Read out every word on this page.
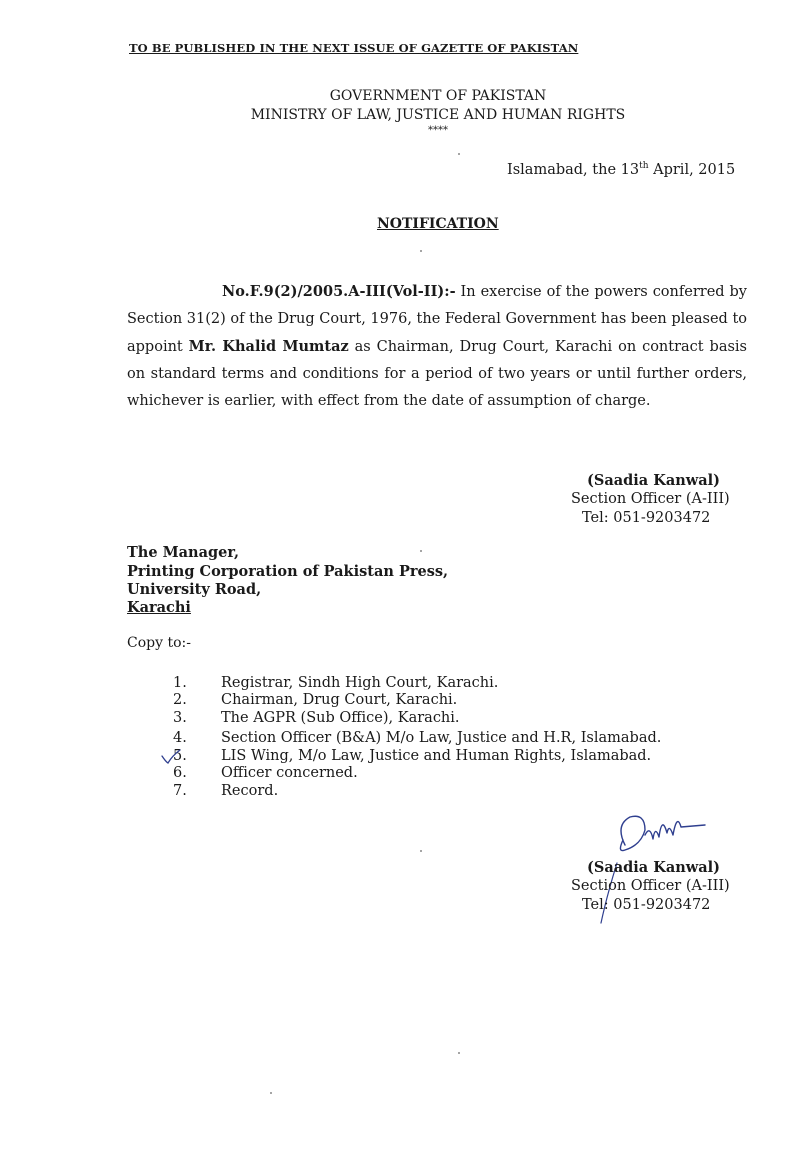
TO BE PUBLISHED IN THE NEXT ISSUE OF GAZETTE OF PAKISTAN
GOVERNMENT OF PAKISTAN
MINISTRY OF LAW, JUSTICE AND HUMAN RIGHTS
****
Islamabad, the 13th April, 2015
NOTIFICATION
No.F.9(2)/2005.A-III(Vol-II):- In exercise of the powers conferred by Section 31(2) of the Drug Court, 1976, the Federal Government has been pleased to appoint Mr. Khalid Mumtaz as Chairman, Drug Court, Karachi on contract basis on standard terms and conditions for a period of two years or until further orders, whichever is earlier, with effect from the date of assumption of charge.
(Saadia Kanwal)
Section Officer (A-III)
Tel: 051-9203472
The Manager,
Printing Corporation of Pakistan Press,
University Road,
Karachi
Copy to:-
1.	Registrar, Sindh High Court, Karachi.
2.	Chairman, Drug Court, Karachi.
3.	The AGPR (Sub Office), Karachi.
4.	Section Officer (B&A) M/o Law, Justice and H.R, Islamabad.
5.	LIS Wing, M/o Law, Justice and Human Rights, Islamabad.
6.	Officer concerned.
7.	Record.
(Saadia Kanwal)
Section Officer (A-III)
Tel: 051-9203472
